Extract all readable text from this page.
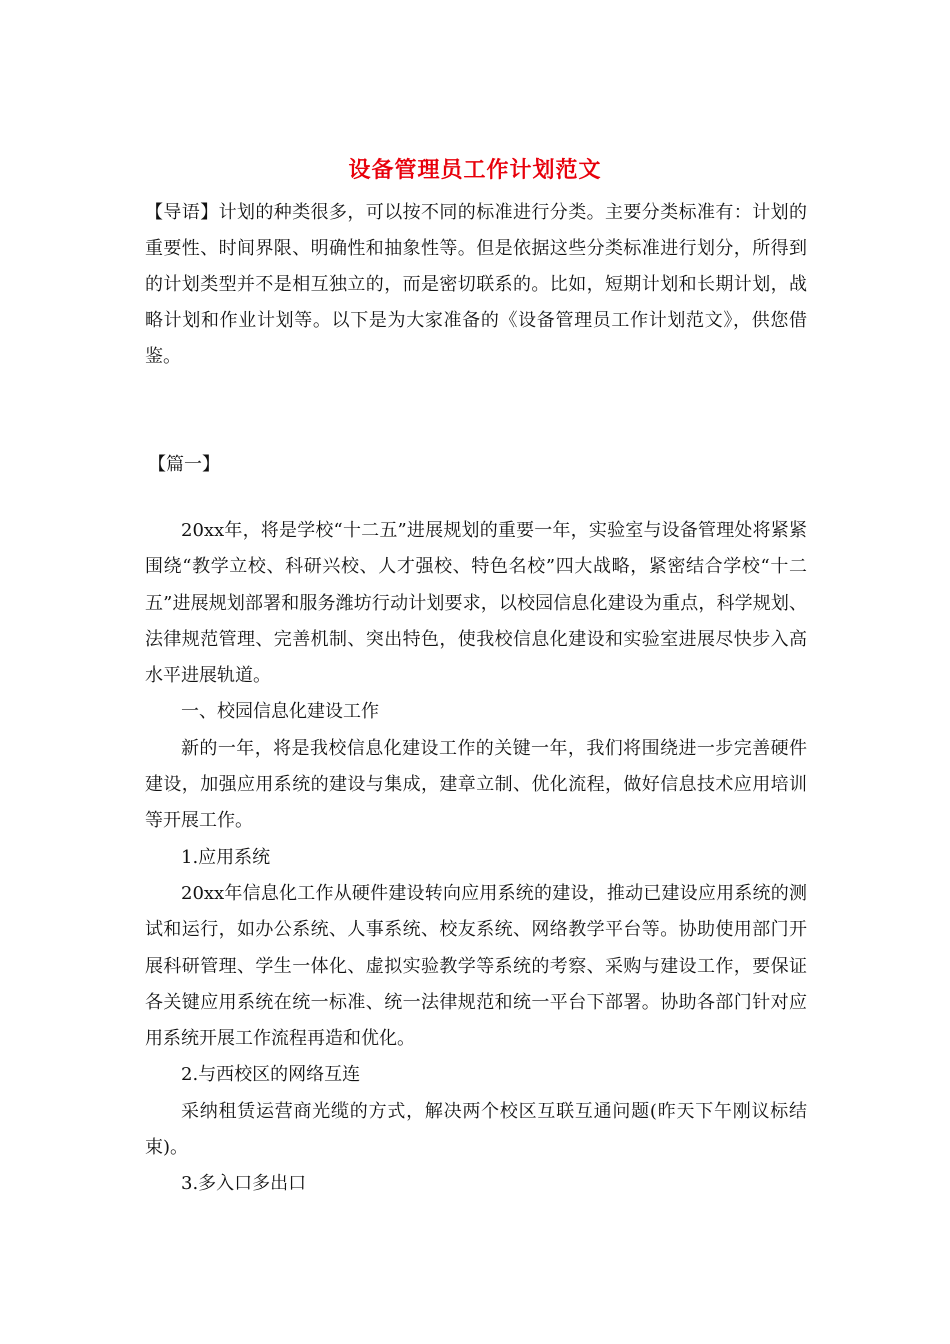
设备管理员工作计划范文

【导语】计划的种类很多，可以按不同的标准进行分类。主要分类标准有：计划的重要性、时间界限、明确性和抽象性等。但是依据这些分类标准进行划分，所得到的计划类型并不是相互独立的，而是密切联系的。比如，短期计划和长期计划，战略计划和作业计划等。以下是为大家准备的《设备管理员工作计划范文》，供您借鉴。

【篇一】

20xx年，将是学校“十二五”进展规划的重要一年，实验室与设备管理处将紧紧围绕“教学立校、科研兴校、人才强校、特色名校”四大战略，紧密结合学校“十二五”进展规划部署和服务潍坊行动计划要求，以校园信息化建设为重点，科学规划、法律规范管理、完善机制、突出特色，使我校信息化建设和实验室进展尽快步入高水平进展轨道。

一、校园信息化建设工作

新的一年，将是我校信息化建设工作的关键一年，我们将围绕进一步完善硬件建设，加强应用系统的建设与集成，建章立制、优化流程，做好信息技术应用培训等开展工作。

1.应用系统

20xx年信息化工作从硬件建设转向应用系统的建设，推动已建设应用系统的测试和运行，如办公系统、人事系统、校友系统、网络教学平台等。协助使用部门开展科研管理、学生一体化、虚拟实验教学等系统的考察、采购与建设工作，要保证各关键应用系统在统一标准、统一法律规范和统一平台下部署。协助各部门针对应用系统开展工作流程再造和优化。

2.与西校区的网络互连

采纳租赁运营商光缆的方式，解决两个校区互联互通问题(昨天下午刚议标结束)。

3.多入口多出口
